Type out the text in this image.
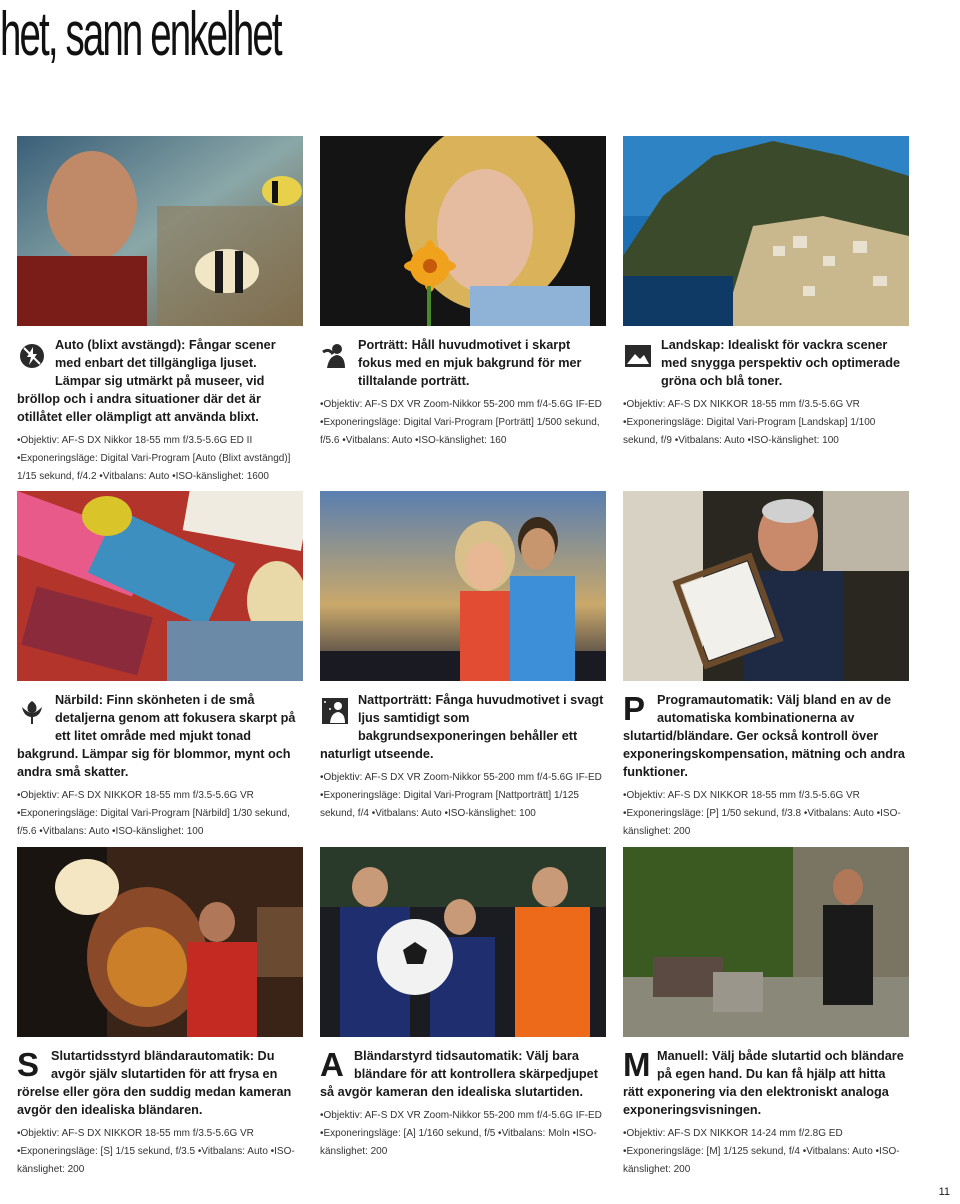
het, sann enkelhet
Auto (blixt avstängd): Fångar scener med enbart det tillgängliga ljuset. Lämpar sig utmärkt på museer, vid bröllop och i andra situationer där det är otillåtet eller olämpligt att använda blixt.
•Objektiv: AF-S DX Nikkor 18-55 mm f/3.5-5.6G ED II •Exponeringsläge: Digital Vari-Program [Auto (Blixt avstängd)] 1/15 sekund, f/4.2 •Vitbalans: Auto •ISO-känslighet: 1600
Porträtt: Håll huvudmotivet i skarpt fokus med en mjuk bakgrund för mer tilltalande porträtt.
•Objektiv: AF-S DX VR Zoom-Nikkor 55-200 mm f/4-5.6G IF-ED •Exponeringsläge: Digital Vari-Program [Porträtt] 1/500 sekund, f/5.6 •Vitbalans: Auto •ISO-känslighet: 160
Landskap: Idealiskt för vackra scener med snygga perspektiv och optimerade gröna och blå toner.
•Objektiv: AF-S DX NIKKOR 18-55 mm f/3.5-5.6G VR •Exponeringsläge: Digital Vari-Program [Landskap] 1/100 sekund, f/9 •Vitbalans: Auto •ISO-känslighet: 100
Närbild: Finn skönheten i de små detaljerna genom att fokusera skarpt på ett litet område med mjukt tonad bakgrund. Lämpar sig för blommor, mynt och andra små skatter.
•Objektiv: AF-S DX NIKKOR 18-55 mm f/3.5-5.6G VR •Exponeringsläge: Digital Vari-Program [Närbild] 1/30 sekund, f/5.6 •Vitbalans: Auto •ISO-känslighet: 100
Nattporträtt: Fånga huvudmotivet i svagt ljus samtidigt som bakgrundsexponeringen behåller ett naturligt utseende.
•Objektiv: AF-S DX VR Zoom-Nikkor 55-200 mm f/4-5.6G IF-ED •Exponeringsläge: Digital Vari-Program [Nattporträtt] 1/125 sekund, f/4 •Vitbalans: Auto •ISO-känslighet: 100
P Programautomatik: Välj bland en av de automatiska kombinationerna av slutartid/bländare. Ger också kontroll över exponeringskompensation, mätning och andra funktioner.
•Objektiv: AF-S DX NIKKOR 18-55 mm f/3.5-5.6G VR •Exponeringsläge: [P] 1/50 sekund, f/3.8 •Vitbalans: Auto •ISO-känslighet: 200
S Slutartidsstyrd bländarautomatik: Du avgör själv slutartiden för att frysa en rörelse eller göra den suddig medan kameran avgör den idealiska bländaren.
•Objektiv: AF-S DX NIKKOR 18-55 mm f/3.5-5.6G VR •Exponeringsläge: [S] 1/15 sekund, f/3.5 •Vitbalans: Auto •ISO-känslighet: 200
A Bländarstyrd tidsautomatik: Välj bara bländare för att kontrollera skärpedjupet så avgör kameran den idealiska slutartiden.
•Objektiv: AF-S DX VR Zoom-Nikkor 55-200 mm f/4-5.6G IF-ED •Exponeringsläge: [A] 1/160 sekund, f/5 •Vitbalans: Moln •ISO-känslighet: 200
M Manuell: Välj både slutartid och bländare på egen hand. Du kan få hjälp att hitta rätt exponering via den elektroniskt analoga exponeringsvisningen.
•Objektiv: AF-S DX NIKKOR 14-24 mm f/2.8G ED •Exponeringsläge: [M] 1/125 sekund, f/4 •Vitbalans: Auto •ISO-känslighet: 200
11
